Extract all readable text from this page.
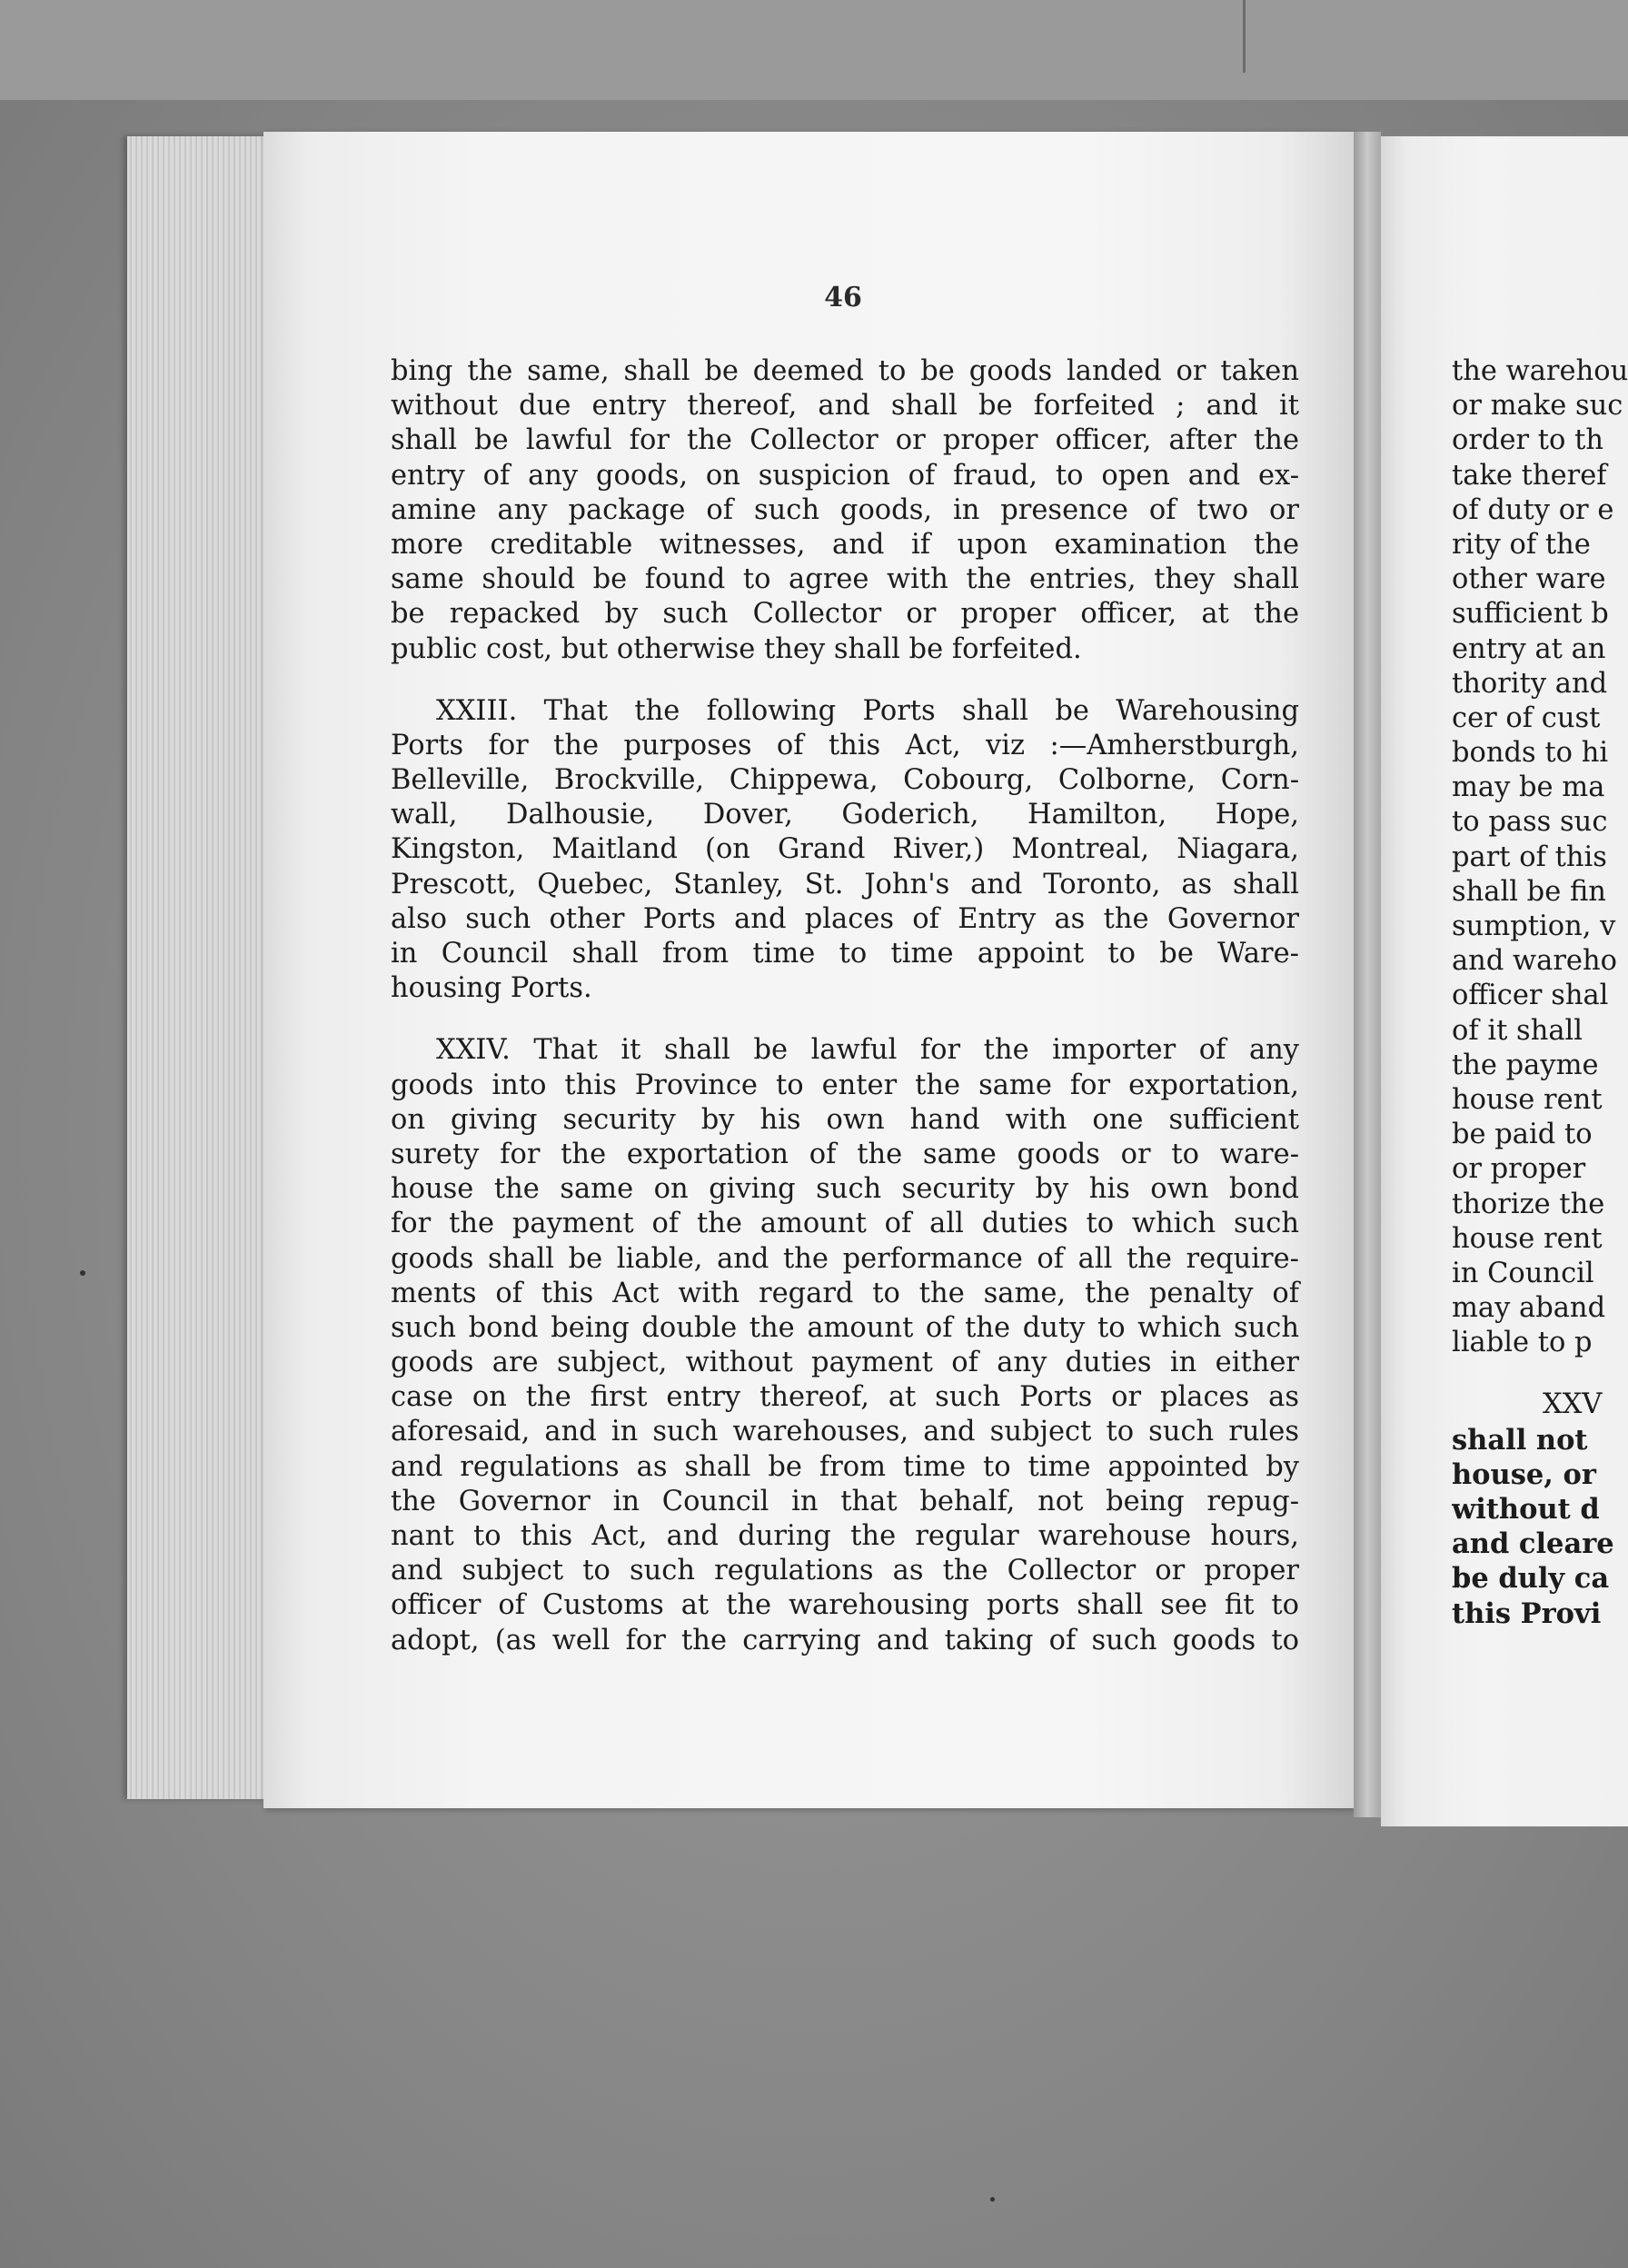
46
bing the same, shall be deemed to be goods landed or taken
without due entry thereof, and shall be forfeited ; and it
shall be lawful for the Collector or proper officer, after the
entry of any goods, on suspicion of fraud, to open and ex-
amine any package of such goods, in presence of two or
more creditable witnesses, and if upon examination the
same should be found to agree with the entries, they shall
be repacked by such Collector or proper officer, at the
public cost, but otherwise they shall be forfeited.
XXIII. That the following Ports shall be Warehousing
Ports for the purposes of this Act, viz :—Amherstburgh,
Belleville, Brockville, Chippewa, Cobourg, Colborne, Corn-
wall, Dalhousie, Dover, Goderich, Hamilton, Hope,
Kingston, Maitland (on Grand River,) Montreal, Niagara,
Prescott, Quebec, Stanley, St. John's and Toronto, as shall
also such other Ports and places of Entry as the Governor
in Council shall from time to time appoint to be Ware-
housing Ports.
XXIV. That it shall be lawful for the importer of any
goods into this Province to enter the same for exportation,
on giving security by his own hand with one sufficient
surety for the exportation of the same goods or to ware-
house the same on giving such security by his own bond
for the payment of the amount of all duties to which such
goods shall be liable, and the performance of all the require-
ments of this Act with regard to the same, the penalty of
such bond being double the amount of the duty to which such
goods are subject, without payment of any duties in either
case on the first entry thereof, at such Ports or places as
aforesaid, and in such warehouses, and subject to such rules
and regulations as shall be from time to time appointed by
the Governor in Council in that behalf, not being repug-
nant to this Act, and during the regular warehouse hours,
and subject to such regulations as the Collector or proper
officer of Customs at the warehousing ports shall see fit to
adopt, (as well for the carrying and taking of such goods to
the warehou
or make suc
order to th
take theref
of duty or e
rity of the
other ware
sufficient b
entry at an
thority and
cer of cust
bonds to hi
may be ma
to pass suc
part of this
shall be fin
sumption, v
and wareho
officer shal
of it shall
the payme
house rent
be paid to
or proper
thorize the
house rent
in Council
may aband
liable to p
XXV
shall not
house, or
without d
and cleare
be duly ca
this Provi
